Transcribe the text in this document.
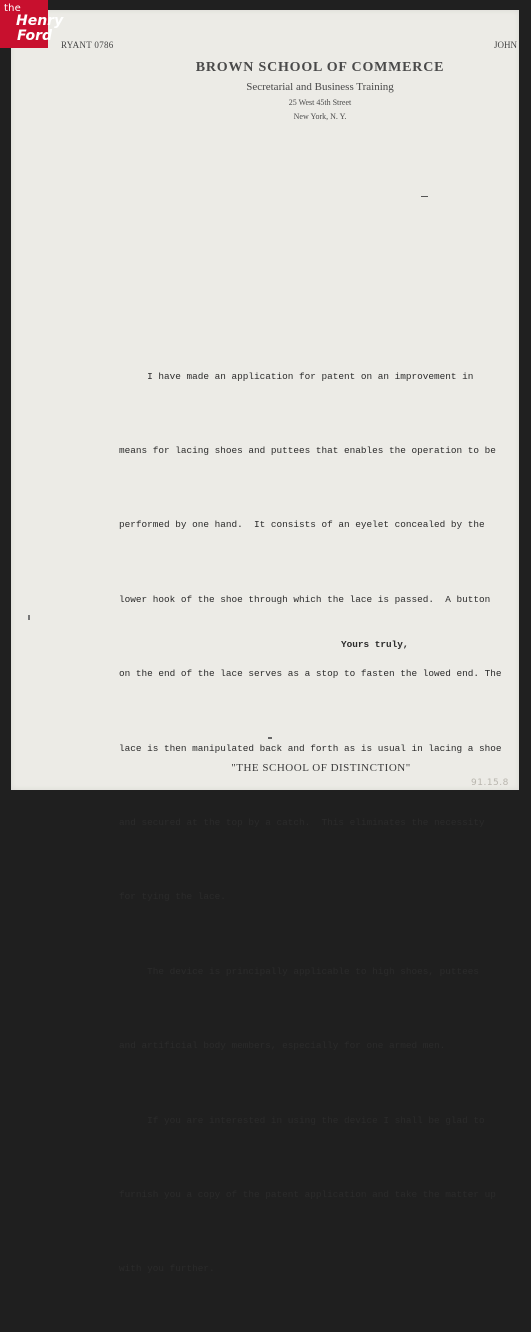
the
Henry
Ford
RYANT 0786	JOHN
BROWN SCHOOL OF COMMERCE
Secretarial and Business Training
25 West 45th Street
New York, N. Y.

I have made an application for patent on an improvement in

means for lacing shoes and puttees that enables the operation to be

performed by one hand.  It consists of an eyelet concealed by the

lower hook of the shoe through which the lace is passed.  A button

on the end of the lace serves as a stop to fasten the lowed end. The

lace is then manipulated back and forth as is usual in lacing a shoe

and secured at the top by a catch.  This eliminates the necessity

for tying the lace.

The device is principally applicable to high shoes, puttees

and artificial body members, especially for one armed men.

If you are interested in using the device I shall be glad to

furnish you a copy of the patent application and take the matter up

with you further.

Yours truly,
"THE SCHOOL OF DISTINCTION"
91.15.8
